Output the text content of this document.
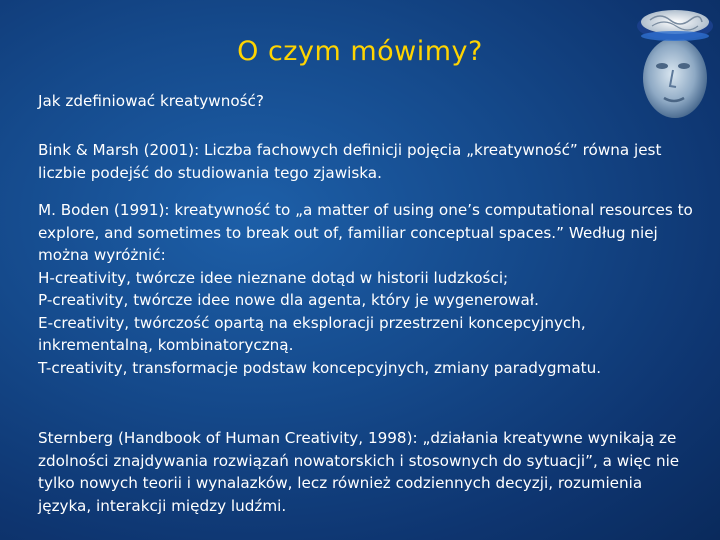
O czym mówimy?
Jak zdefiniować kreatywność?
Bink & Marsh (2001): Liczba fachowych definicji pojęcia „kreatywność” równa jest liczbie podejść do studiowania tego zjawiska.

M. Boden (1991): kreatywność to „a matter of using one’s computational resources to explore, and sometimes to break out of, familiar conceptual spaces.” Według niej można wyróżnić:

H-creativity, twórcze idee nieznane dotąd w historii ludzkości;

P-creativity, twórcze idee nowe dla agenta, który je wygenerował.

E-creativity, twórczość opartą na eksploracji przestrzeni koncepcyjnych, inkrementalną, kombinatoryczną.

T-creativity, transformacje podstaw koncepcyjnych, zmiany paradygmatu.

Sternberg (Handbook of Human Creativity, 1998): „działania kreatywne wynikają ze zdolności znajdywania rozwiązań nowatorskich i stosownych do sytuacji”, a więc nie tylko nowych teorii i wynalazków, lecz również codziennych decyzji, rozumienia języka, interakcji między ludźmi.
